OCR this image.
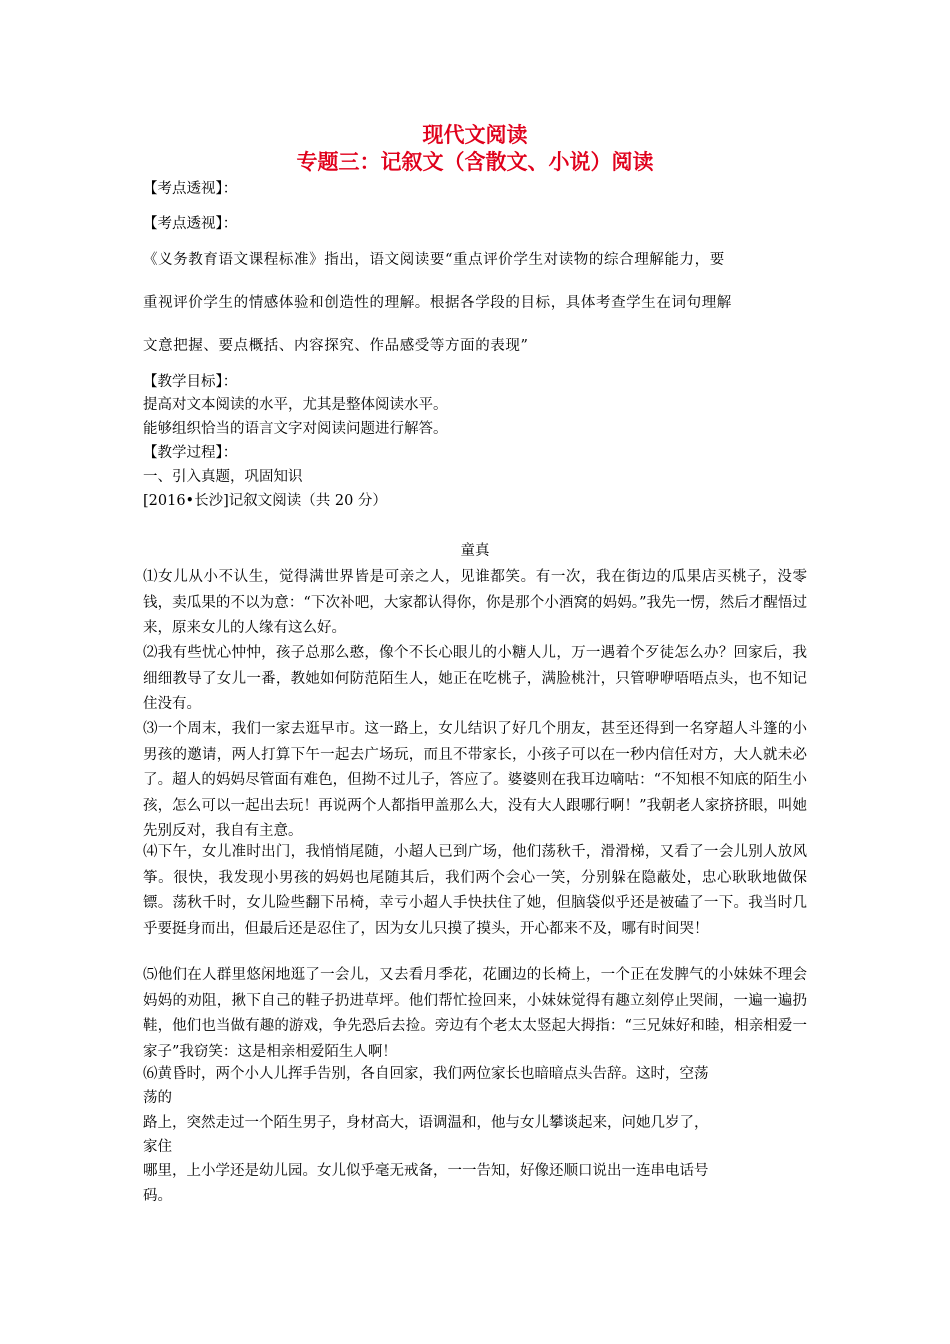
现代文阅读
专题三：记叙文（含散文、小说）阅读
【考点透视】：
【考点透视】：
《义务教育语文课程标准》指出，语文阅读要“重点评价学生对读物的综合理解能力，要
重视评价学生的情感体验和创造性的理解。根据各学段的目标，具体考查学生在词句理解
文意把握、要点概括、内容探究、作品感受等方面的表现”
【教学目标】：
提高对文本阅读的水平，尤其是整体阅读水平。
能够组织恰当的语言文字对阅读问题进行解答。
【教学过程】：
一、引入真题，巩固知识
[2016•长沙]记叙文阅读（共 20 分）
童真
⑴女儿从小不认生，觉得满世界皆是可亲之人，见谁都笑。有一次，我在街边的瓜果店买桃子，没零钱，卖瓜果的不以为意：“下次补吧，大家都认得你，你是那个小酒窝的妈妈。”我先一愣，然后才醒悟过来，原来女儿的人缘有这么好。
⑵我有些忧心忡忡，孩子总那么憨，像个不长心眼儿的小糖人儿，万一遇着个歹徒怎么办？回家后，我细细教导了女儿一番，教她如何防范陌生人，她正在吃桃子，满脸桃汁，只管咿咿唔唔点头，也不知记住没有。
⑶一个周末，我们一家去逛早市。这一路上，女儿结识了好几个朋友，甚至还得到一名穿超人斗篷的小男孩的邀请，两人打算下午一起去广场玩，而且不带家长，小孩子可以在一秒内信任对方，大人就未必了。超人的妈妈尽管面有难色，但拗不过儿子，答应了。婆婆则在我耳边嘀咕：“不知根不知底的陌生小孩，怎么可以一起出去玩！再说两个人都指甲盖那么大，没有大人跟哪行啊！”我朝老人家挤挤眼，叫她先别反对，我自有主意。
⑷下午，女儿准时出门，我悄悄尾随，小超人已到广场，他们荡秋千，滑滑梯，又看了一会儿别人放风筝。很快，我发现小男孩的妈妈也尾随其后，我们两个会心一笑，分别躲在隐蔽处，忠心耿耿地做保镖。荡秋千时，女儿险些翻下吊椅，幸亏小超人手快扶住了她，但脑袋似乎还是被磕了一下。我当时几乎要挺身而出，但最后还是忍住了，因为女儿只摸了摸头，开心都来不及，哪有时间哭！
⑸他们在人群里悠闲地逛了一会儿，又去看月季花，花圃边的长椅上，一个正在发脾气的小妹妹不理会妈妈的劝阻，揪下自己的鞋子扔进草坪。他们帮忙捡回来，小妹妹觉得有趣立刻停止哭闹，一遍一遍扔鞋，他们也当做有趣的游戏，争先恐后去捡。旁边有个老太太竖起大拇指：“三兄妹好和睦，相亲相爱一家子”我窃笑：这是相亲相爱陌生人啊！
⑹黄昏时，两个小人儿挥手告别，各自回家，我们两位家长也暗暗点头告辞。这时，空荡
荡的
路上，突然走过一个陌生男子，身材高大，语调温和，他与女儿攀谈起来，问她几岁了，
家住
哪里，上小学还是幼儿园。女儿似乎毫无戒备，一一告知，好像还顺口说出一连串电话号
码。
